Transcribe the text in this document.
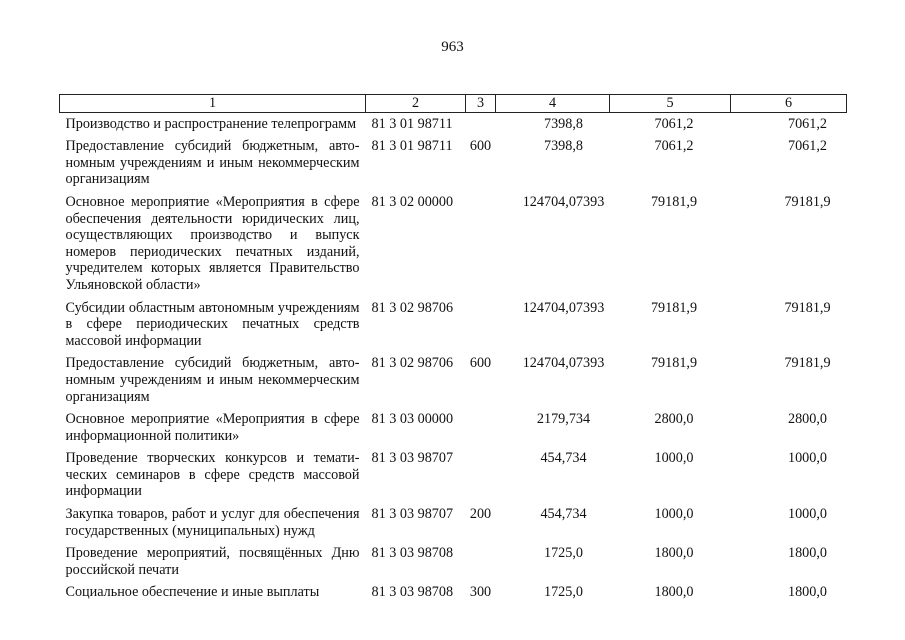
963
1	2	3	4	5	6
Производство и распространение телепрограмм	81 3 01 98711		7398,8	7061,2	7061,2
Предоставление субсидий бюджетным, автономным учреждениям и иным некоммерческим организациям	81 3 01 98711	600	7398,8	7061,2	7061,2
Основное мероприятие «Мероприятия в сфере обеспечения деятельности юридических лиц, осуществляющих производство и выпуск номеров периодических печатных изданий, учредителем которых является Правительство Ульяновской области»	81 3 02 00000		124704,07393	79181,9	79181,9
Субсидии областным автономным учреждениям в сфере периодических печатных средств массовой информации	81 3 02 98706		124704,07393	79181,9	79181,9
Предоставление субсидий бюджетным, автономным учреждениям и иным некоммерческим организациям	81 3 02 98706	600	124704,07393	79181,9	79181,9
Основное мероприятие «Мероприятия в сфере информационной политики»	81 3 03 00000		2179,734	2800,0	2800,0
Проведение творческих конкурсов и тематических семинаров в сфере средств массовой информации	81 3 03 98707		454,734	1000,0	1000,0
Закупка товаров, работ и услуг для обеспечения государственных (муниципальных) нужд	81 3 03 98707	200	454,734	1000,0	1000,0
Проведение мероприятий, посвящённых Дню российской печати	81 3 03 98708		1725,0	1800,0	1800,0
Социальное обеспечение и иные выплаты	81 3 03 98708	300	1725,0	1800,0	1800,0
